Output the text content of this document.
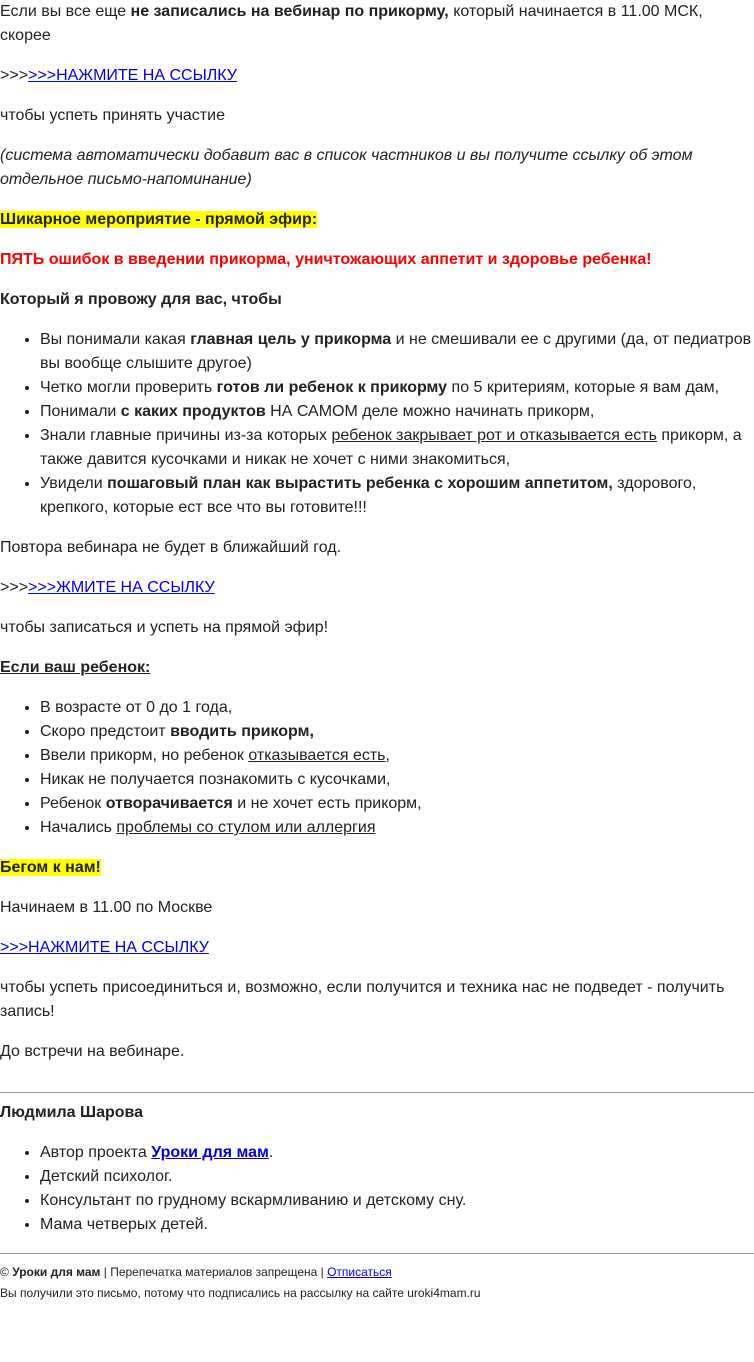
Если вы все еще не записались на вебинар по прикорму, который начинается в 11.00 МСК, скорее

>>>>>>НАЖМИТЕ НА ССЫЛКУ

чтобы успеть принять участие

(система автоматически добавит вас в список частников и вы получите ссылку об этом отдельное письмо-напоминание)

Шикарное мероприятие - прямой эфир:

ПЯТЬ ошибок в введении прикорма, уничтожающих аппетит и здоровье ребенка!

Который я провожу для вас, чтобы

• Вы понимали какая главная цель у прикорма и не смешивали ее с другими (да, от педиатров вы вообще слышите другое)
• Четко могли проверить готов ли ребенок к прикорму по 5 критериям, которые я вам дам,
• Понимали с каких продуктов НА САМОМ деле можно начинать прикорм,
• Знали главные причины из-за которых ребенок закрывает рот и отказывается есть прикорм, а также давится кусочками и никак не хочет с ними знакомиться,
• Увидели пошаговый план как вырастить ребенка с хорошим аппетитом, здорового, крепкого, которые ест все что вы готовите!!!

Повтора вебинара не будет в ближайший год.

>>>>>>ЖМИТЕ НА ССЫЛКУ

чтобы записаться и успеть на прямой эфир!

Если ваш ребенок:

• В возрасте от 0 до 1 года,
• Скоро предстоит вводить прикорм,
• Ввели прикорм, но ребенок отказывается есть,
• Никак не получается познакомить с кусочками,
• Ребенок отворачивается и не хочет есть прикорм,
• Начались проблемы со стулом или аллергия

Бегом к нам!

Начинаем в 11.00 по Москве

>>>НАЖМИТЕ НА ССЫЛКУ

чтобы успеть присоединиться и, возможно, если получится и техника нас не подведет - получить запись!

До встречи на вебинаре.

Людмила Шарова

• Автор проекта Уроки для мам.
• Детский психолог.
• Консультант по грудному вскармливанию и детскому сну.
• Мама четверых детей.

© Уроки для мам | Перепечатка материалов запрещена | Отписаться

Вы получили это письмо, потому что подписались на рассылку на сайте uroki4mam.ru
